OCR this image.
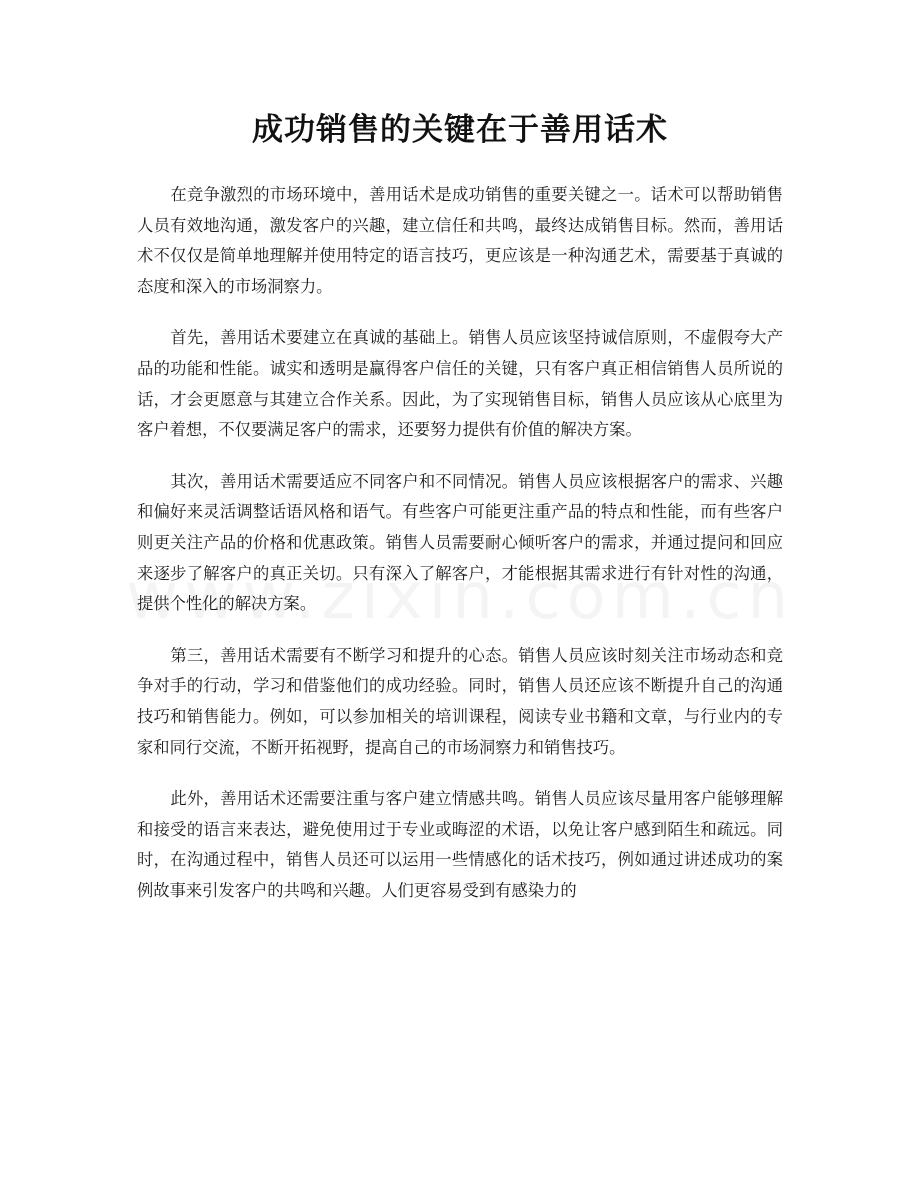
成功销售的关键在于善用话术

在竞争激烈的市场环境中，善用话术是成功销售的重要关键之一。话术可以帮助销售人员有效地沟通，激发客户的兴趣，建立信任和共鸣，最终达成销售目标。然而，善用话术不仅仅是简单地理解并使用特定的语言技巧，更应该是一种沟通艺术，需要基于真诚的态度和深入的市场洞察力。

首先，善用话术要建立在真诚的基础上。销售人员应该坚持诚信原则，不虚假夸大产品的功能和性能。诚实和透明是赢得客户信任的关键，只有客户真正相信销售人员所说的话，才会更愿意与其建立合作关系。因此，为了实现销售目标，销售人员应该从心底里为客户着想，不仅要满足客户的需求，还要努力提供有价值的解决方案。

其次，善用话术需要适应不同客户和不同情况。销售人员应该根据客户的需求、兴趣和偏好来灵活调整话语风格和语气。有些客户可能更注重产品的特点和性能，而有些客户则更关注产品的价格和优惠政策。销售人员需要耐心倾听客户的需求，并通过提问和回应来逐步了解客户的真正关切。只有深入了解客户，才能根据其需求进行有针对性的沟通，提供个性化的解决方案。

第三，善用话术需要有不断学习和提升的心态。销售人员应该时刻关注市场动态和竞争对手的行动，学习和借鉴他们的成功经验。同时，销售人员还应该不断提升自己的沟通技巧和销售能力。例如，可以参加相关的培训课程，阅读专业书籍和文章，与行业内的专家和同行交流，不断开拓视野，提高自己的市场洞察力和销售技巧。

此外，善用话术还需要注重与客户建立情感共鸣。销售人员应该尽量用客户能够理解和接受的语言来表达，避免使用过于专业或晦涩的术语，以免让客户感到陌生和疏远。同时，在沟通过程中，销售人员还可以运用一些情感化的话术技巧，例如通过讲述成功的案例故事来引发客户的共鸣和兴趣。人们更容易受到有感染力的
